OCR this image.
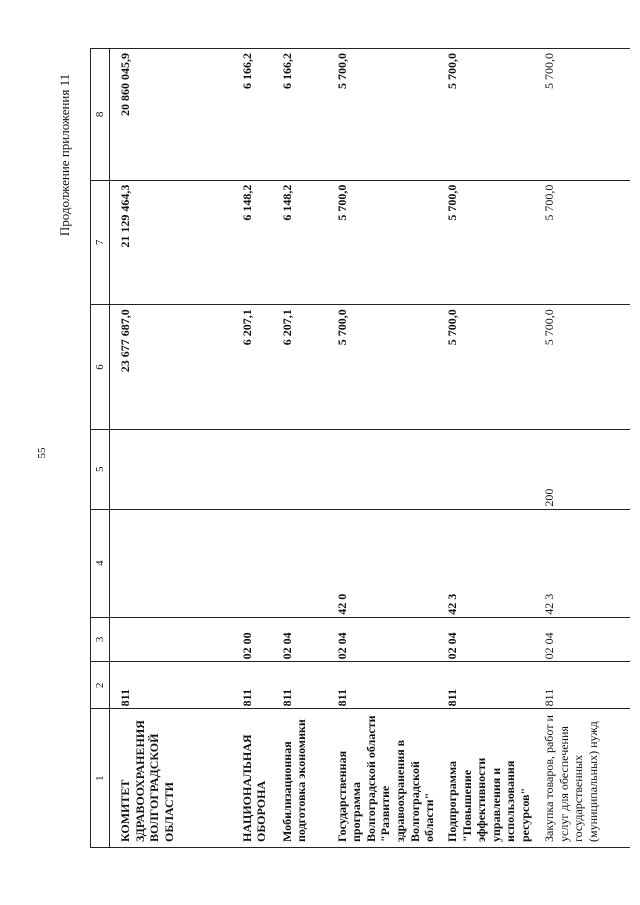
55
Продолжение приложения 11
1	2	3	4	5	6	7	8
КОМИТЕТ ЗДРАВООХРАНЕНИЯ ВОЛГОГРАДСКОЙ ОБЛАСТИ	811				23 677 687,0	21 129 464,3	20 860 045,9
НАЦИОНАЛЬНАЯ ОБОРОНА	811	02 00			6 207,1	6 148,2	6 166,2
Мобилизационная подготовка экономики	811	02 04			6 207,1	6 148,2	6 166,2
Государственная программа Волгоградской области "Развитие здравоохранения в Волгоградской области"	811	02 04	42 0		5 700,0	5 700,0	5 700,0
Подпрограмма "Повышение эффективности управления и использования ресурсов"	811	02 04	42 3		5 700,0	5 700,0	5 700,0
Закупка товаров, работ и услуг для обеспечения государственных (муниципальных) нужд	811	02 04	42 3	200	5 700,0	5 700,0	5 700,0
